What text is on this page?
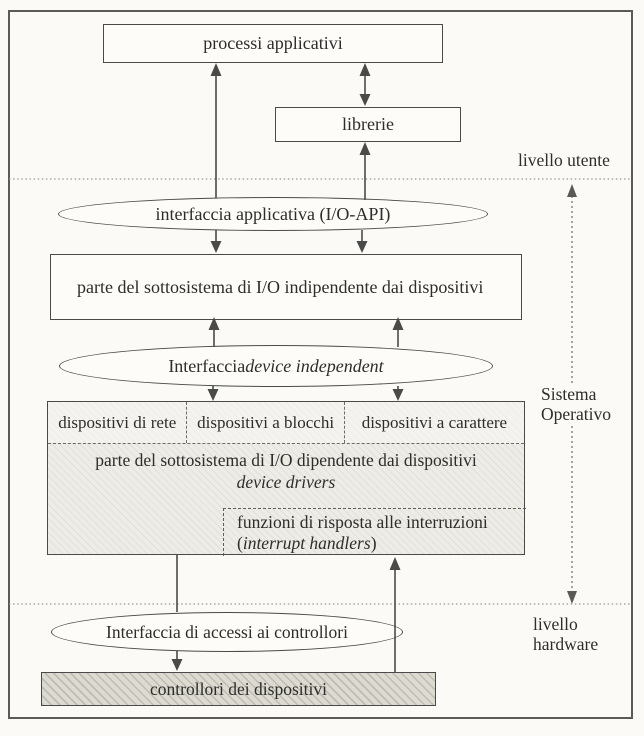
processi applicativi
librerie
interfaccia applicativa (I/O-API)
parte del sottosistema di I/O indipendente dai dispositivi
Interfaccia device independent
dispositivi di rete	dispositivi a blocchi	dispositivi a carattere
parte del sottosistema di I/O dipendente dai dispositivi
device drivers
funzioni di risposta alle interruzioni
(interrupt handlers)
Interfaccia di accessi ai controllori
controllori dei dispositivi
livello utente
Sistema
Operativo
livello
hardware
